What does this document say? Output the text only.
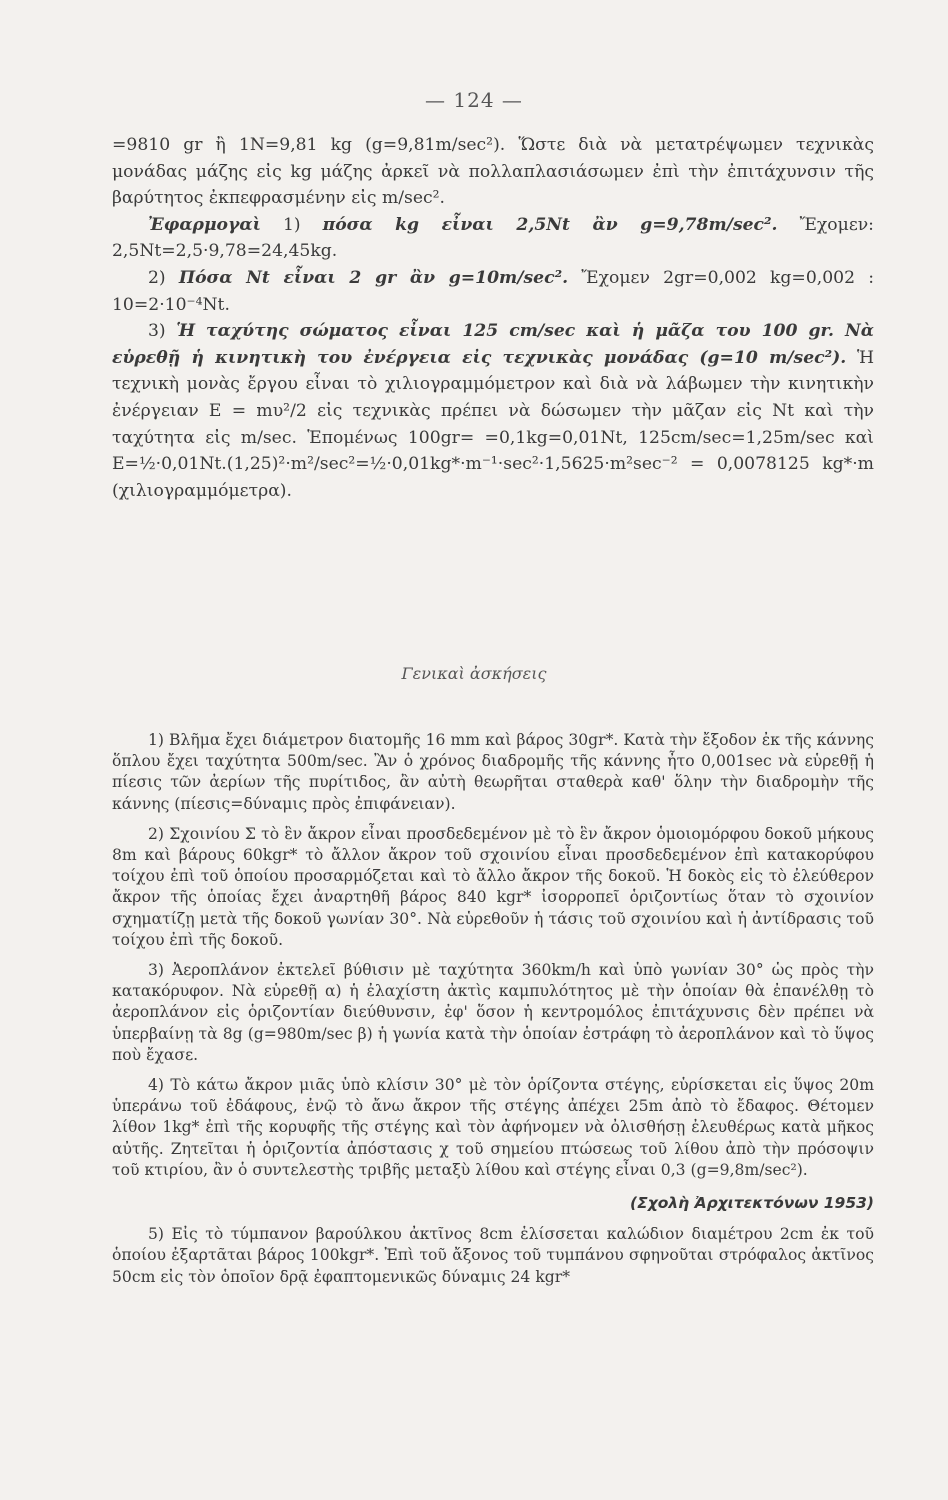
— 124 —

=9810 gr ἢ 1N=9,81 kg (g=9,81m/sec²). Ὥστε διὰ νὰ μετατρέψωμεν τεχνικὰς μονάδας μάζης εἰς kg μάζης ἀρκεῖ νὰ πολλαπλασιάσωμεν ἐπὶ τὴν ἐπιτάχυνσιν τῆς βαρύτητος ἐκπεφρασμένην εἰς m/sec².

Ἐφαρμογαὶ 1) πόσα kg εἶναι 2,5Nt ἂν g=9,78m/sec². Ἔχομεν: 2,5Nt=2,5·9,78=24,45kg.

2) Πόσα Nt εἶναι 2 gr ἂν g=10m/sec². Ἔχομεν 2gr=0,002 kg=0,002 : 10=2·10⁻⁴Nt.

3) Ἡ ταχύτης σώματος εἶναι 125 cm/sec καὶ ἡ μᾶζα του 100 gr. Νὰ εὑρεθῇ ἡ κινητικὴ του ἐνέργεια εἰς τεχνικὰς μονάδας (g=10 m/sec²). Ἡ τεχνικὴ μονὰς ἔργου εἶναι τὸ χιλιογραμμόμετρον καὶ διὰ νὰ λάβωμεν τὴν κινητικὴν ἐνέργειαν E = mυ²/2 εἰς τεχνικὰς πρέπει νὰ δώσωμεν τὴν μᾶζαν εἰς Nt καὶ τὴν ταχύτητα εἰς m/sec. Ἑπομένως 100gr= =0,1kg=0,01Nt, 125cm/sec=1,25m/sec καὶ E=½·0,01Nt.(1,25)²·m²/sec²=½·0,01kg*·m⁻¹·sec²·1,5625·m²sec⁻² = 0,0078125 kg*·m (χιλιογραμμόμετρα).

Γενικαὶ ἀσκήσεις

1) Βλῆμα ἔχει διάμετρον διατομῆς 16 mm καὶ βάρος 30gr*. Κατὰ τὴν ἔξοδον ἐκ τῆς κάννης ὅπλου ἔχει ταχύτητα 500m/sec. Ἂν ὁ χρόνος διαδρομῆς τῆς κάννης ἦτο 0,001sec νὰ εὑρεθῇ ἡ πίεσις τῶν ἀερίων τῆς πυρίτιδος, ἂν αὐτὴ θεωρῆται σταθερὰ καθ' ὅλην τὴν διαδρομὴν τῆς κάννης (πίεσις=δύναμις πρὸς ἐπιφάνειαν).

2) Σχοινίου Σ τὸ ἓν ἄκρον εἶναι προσδεδεμένον μὲ τὸ ἓν ἄκρον ὁμοιομόρφου δοκοῦ μήκους 8m καὶ βάρους 60kgr* τὸ ἄλλον ἄκρον τοῦ σχοινίου εἶναι προσδεδεμένον ἐπὶ κατακορύφου τοίχου ἐπὶ τοῦ ὁποίου προσαρμόζεται καὶ τὸ ἄλλο ἄκρον τῆς δοκοῦ. Ἡ δοκὸς εἰς τὸ ἐλεύθερον ἄκρον τῆς ὁποίας ἔχει ἀναρτηθῆ βάρος 840 kgr* ἰσορροπεῖ ὁριζοντίως ὅταν τὸ σχοινίον σχηματίζῃ μετὰ τῆς δοκοῦ γωνίαν 30°. Νὰ εὑρεθοῦν ἡ τάσις τοῦ σχοινίου καὶ ἡ ἀντίδρασις τοῦ τοίχου ἐπὶ τῆς δοκοῦ.

3) Ἀεροπλάνον ἐκτελεῖ βύθισιν μὲ ταχύτητα 360km/h καὶ ὑπὸ γωνίαν 30° ὡς πρὸς τὴν κατακόρυφον. Νὰ εὑρεθῇ α) ἡ ἐλαχίστη ἀκτὶς καμπυλότητος μὲ τὴν ὁποίαν θὰ ἐπανέλθῃ τὸ ἀεροπλάνον εἰς ὁριζοντίαν διεύθυνσιν, ἐφ' ὅσον ἡ κεντρομόλος ἐπιτάχυνσις δὲν πρέπει νὰ ὑπερβαίνῃ τὰ 8g (g=980m/sec β) ἡ γωνία κατὰ τὴν ὁποίαν ἐστράφη τὸ ἀεροπλάνον καὶ τὸ ὕψος ποὺ ἔχασε.

4) Τὸ κάτω ἄκρον μιᾶς ὑπὸ κλίσιν 30° μὲ τὸν ὁρίζοντα στέγης, εὑρίσκεται εἰς ὕψος 20m ὑπεράνω τοῦ ἐδάφους, ἐνῷ τὸ ἄνω ἄκρον τῆς στέγης ἀπέχει 25m ἀπὸ τὸ ἔδαφος. Θέτομεν λίθον 1kg* ἐπὶ τῆς κορυφῆς τῆς στέγης καὶ τὸν ἀφήνομεν νὰ ὀλισθήσῃ ἐλευθέρως κατὰ μῆκος αὐτῆς. Ζητεῖται ἡ ὁριζοντία ἀπόστασις χ τοῦ σημείου πτώσεως τοῦ λίθου ἀπὸ τὴν πρόσοψιν τοῦ κτιρίου, ἂν ὁ συντελεστὴς τριβῆς μεταξὺ λίθου καὶ στέγης εἶναι 0,3 (g=9,8m/sec²).

(Σχολὴ Ἀρχιτεκτόνων 1953)

5) Εἰς τὸ τύμπανον βαρούλκου ἀκτῖνος 8cm ἑλίσσεται καλώδιον διαμέτρου 2cm ἐκ τοῦ ὁποίου ἐξαρτᾶται βάρος 100kgr*. Ἐπὶ τοῦ ἄξονος τοῦ τυμπάνου σφηνοῦται στρόφαλος ἀκτῖνος 50cm εἰς τὸν ὁποῖον δρᾷ ἐφαπτομενικῶς δύναμις 24 kgr*
